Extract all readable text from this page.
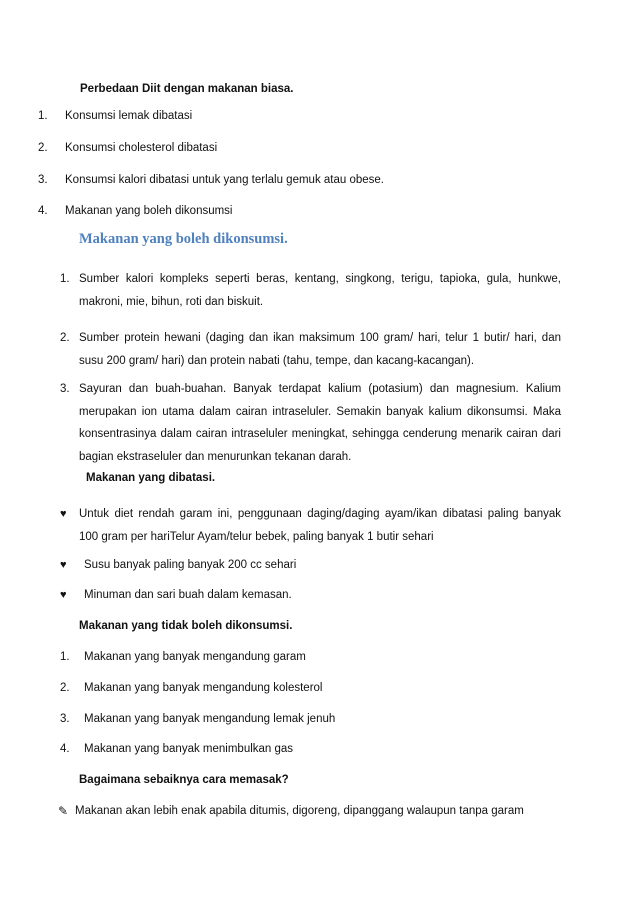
Perbedaan Diit dengan makanan biasa.
1. Konsumsi lemak dibatasi
2. Konsumsi cholesterol dibatasi
3. Konsumsi kalori dibatasi untuk yang terlalu gemuk atau obese.
4. Makanan yang boleh dikonsumsi
Makanan yang boleh dikonsumsi.
1. Sumber kalori kompleks seperti beras, kentang, singkong, terigu, tapioka, gula, hunkwe, makroni, mie, bihun, roti dan biskuit.
2. Sumber protein hewani (daging dan ikan maksimum 100 gram/ hari, telur 1 butir/ hari, dan susu 200 gram/ hari) dan protein nabati (tahu, tempe, dan kacang-kacangan).
3. Sayuran dan buah-buahan. Banyak terdapat kalium (potasium) dan magnesium. Kalium merupakan ion utama dalam cairan intraseluler. Semakin banyak kalium dikonsumsi. Maka konsentrasinya dalam cairan intraseluler meningkat, sehingga cenderung menarik cairan dari bagian ekstraseluler dan menurunkan tekanan darah.
Makanan yang dibatasi.
♥ Untuk diet rendah garam ini, penggunaan daging/daging ayam/ikan dibatasi paling banyak 100 gram per hariTelur Ayam/telur bebek, paling banyak 1 butir sehari
♥ Susu banyak paling banyak 200 cc sehari
♥ Minuman dan sari buah dalam kemasan.
Makanan yang tidak boleh dikonsumsi.
1. Makanan yang banyak mengandung garam
2. Makanan yang banyak mengandung kolesterol
3. Makanan yang banyak mengandung lemak jenuh
4. Makanan yang banyak menimbulkan gas
Bagaimana sebaiknya cara memasak?
✎ Makanan akan lebih enak apabila ditumis, digoreng, dipanggang walaupun tanpa garam
